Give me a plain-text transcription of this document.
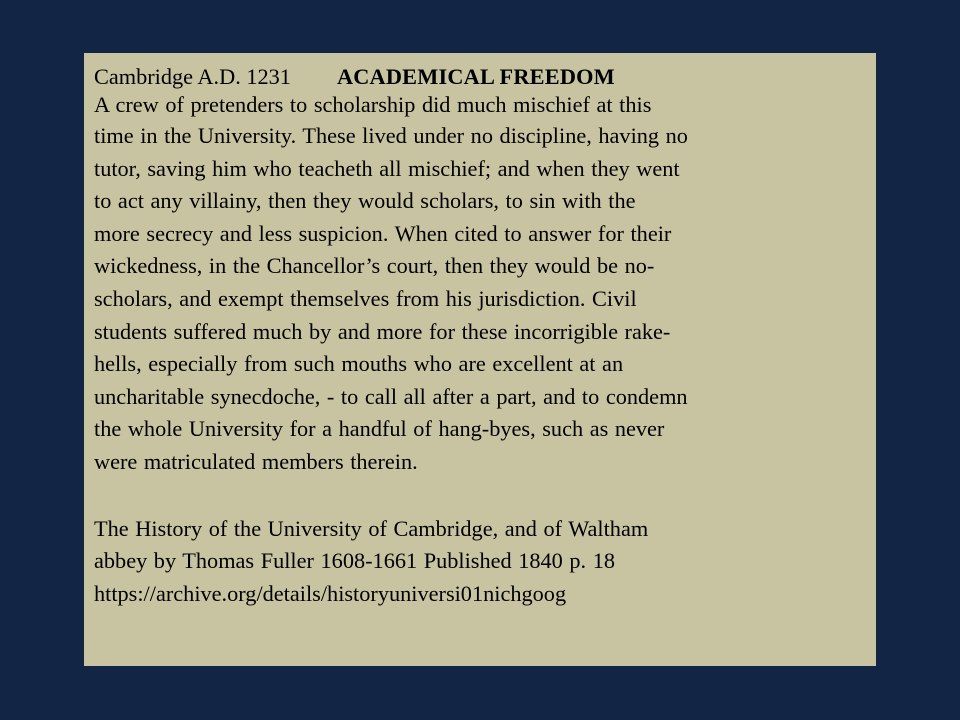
Cambridge A.D. 1231 ACADEMICAL FREEDOM

A crew of pretenders to scholarship did much mischief at this

time in the University. These lived under no discipline, having no

tutor, saving him who teacheth all mischief; and when they went

to act any villainy, then they would scholars, to sin with the

more secrecy and less suspicion. When cited to answer for their

wickedness, in the Chancellor’s court, then they would be no-

scholars, and exempt themselves from his jurisdiction. Civil

students suffered much by and more for these incorrigible rake-

hells, especially from such mouths who are excellent at an

uncharitable synecdoche, - to call all after a part, and to condemn

the whole University for a handful of hang-byes, such as never

were matriculated members therein.

The History of the University of Cambridge, and of Waltham

abbey by Thomas Fuller 1608-1661 Published 1840 p. 18

https://archive.org/details/historyuniversi01nichgoog
